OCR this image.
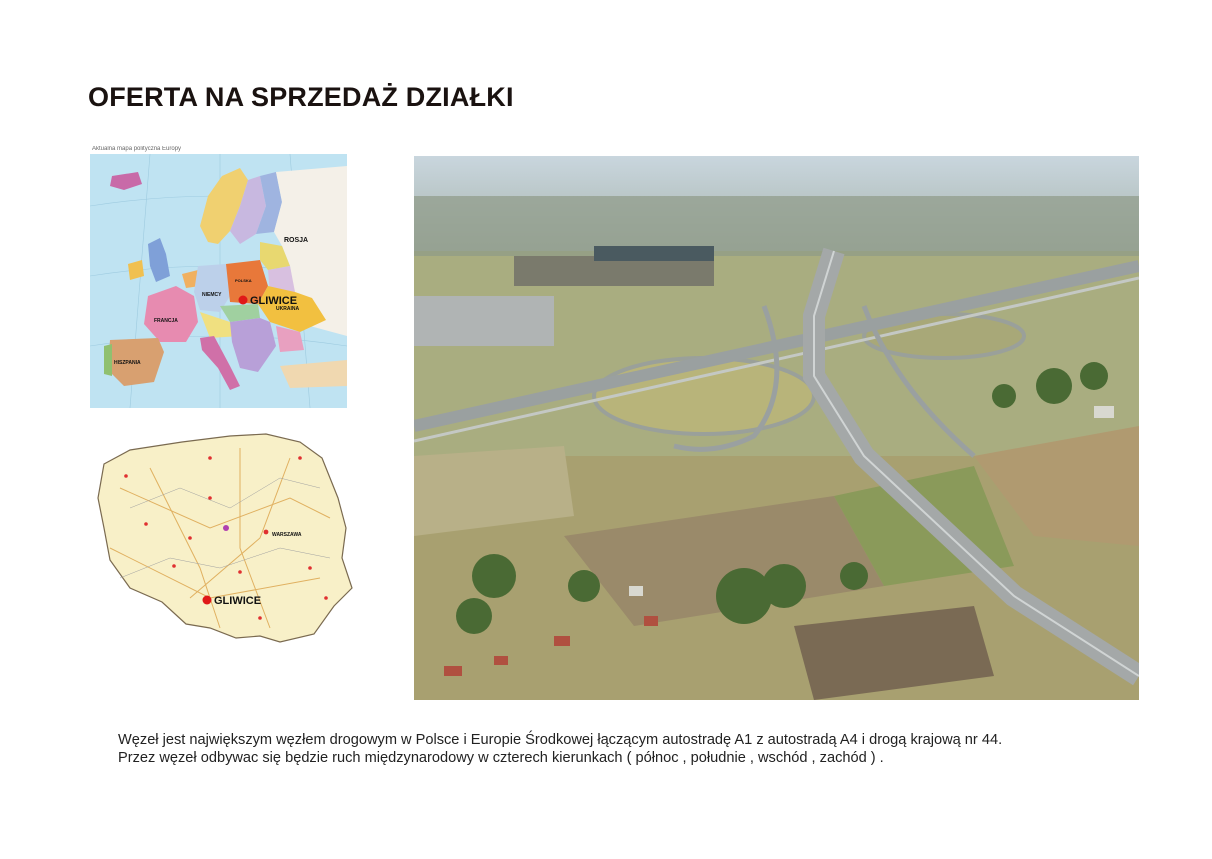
OFERTA NA SPRZEDAŻ DZIAŁKI
ROSJA
NIEMCY
FRANCJA
HISZPANIA
POLSKA
UKRAINA
GLIWICE
Aktualna mapa polityczna Europy
WARSZAWA
GLIWICE

Węzeł jest największym węzłem drogowym w Polsce i Europie Środkowej łączącym autostradę A1 z autostradą A4 i drogą krajową nr 44.

Przez węzeł odbywac się będzie ruch międzynarodowy w czterech kierunkach ( północ , południe , wschód , zachód ) .
